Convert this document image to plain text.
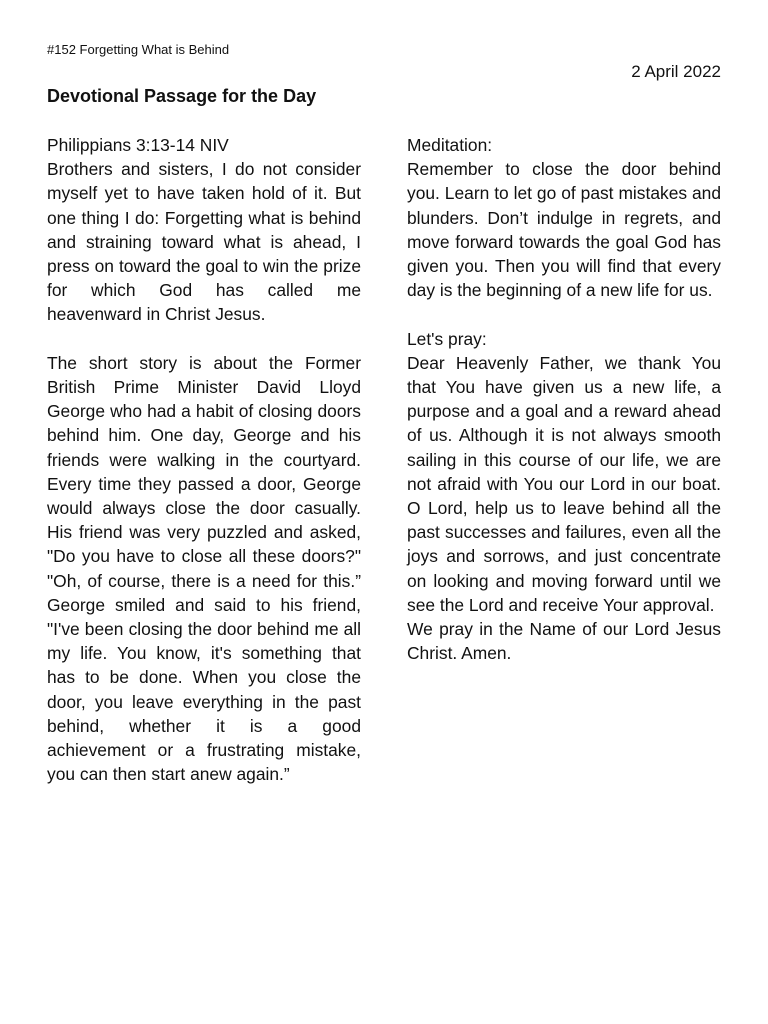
#152 Forgetting What is Behind
2 April 2022
Devotional Passage for the Day
Philippians 3:13-14 NIV
Brothers and sisters, I do not consider myself yet to have taken hold of it. But one thing I do: Forgetting what is behind and straining toward what is ahead, I press on toward the goal to win the prize for which God has called me heavenward in Christ Jesus.
The short story is about the Former British Prime Minister David Lloyd George who had a habit of closing doors behind him. One day, George and his friends were walking in the courtyard. Every time they passed a door, George would always close the door casually. His friend was very puzzled and asked, "Do you have to close all these doors?" "Oh, of course, there is a need for this.” George smiled and said to his friend, "I've been closing the door behind me all my life. You know, it's something that has to be done. When you close the door, you leave everything in the past behind, whether it is a good achievement or a frustrating mistake, you can then start anew again.”
Meditation:
Remember to close the door behind you. Learn to let go of past mistakes and blunders. Don’t indulge in regrets, and move forward towards the goal God has given you. Then you will find that every day is the beginning of a new life for us.
Let's pray:
Dear Heavenly Father, we thank You that You have given us a new life, a purpose and a goal and a reward ahead of us. Although it is not always smooth sailing in this course of our life, we are not afraid with You our Lord in our boat. O Lord, help us to leave behind all the past successes and failures, even all the joys and sorrows, and just concentrate on looking and moving forward until we see the Lord and receive Your approval.
We pray in the Name of our Lord Jesus Christ. Amen.
